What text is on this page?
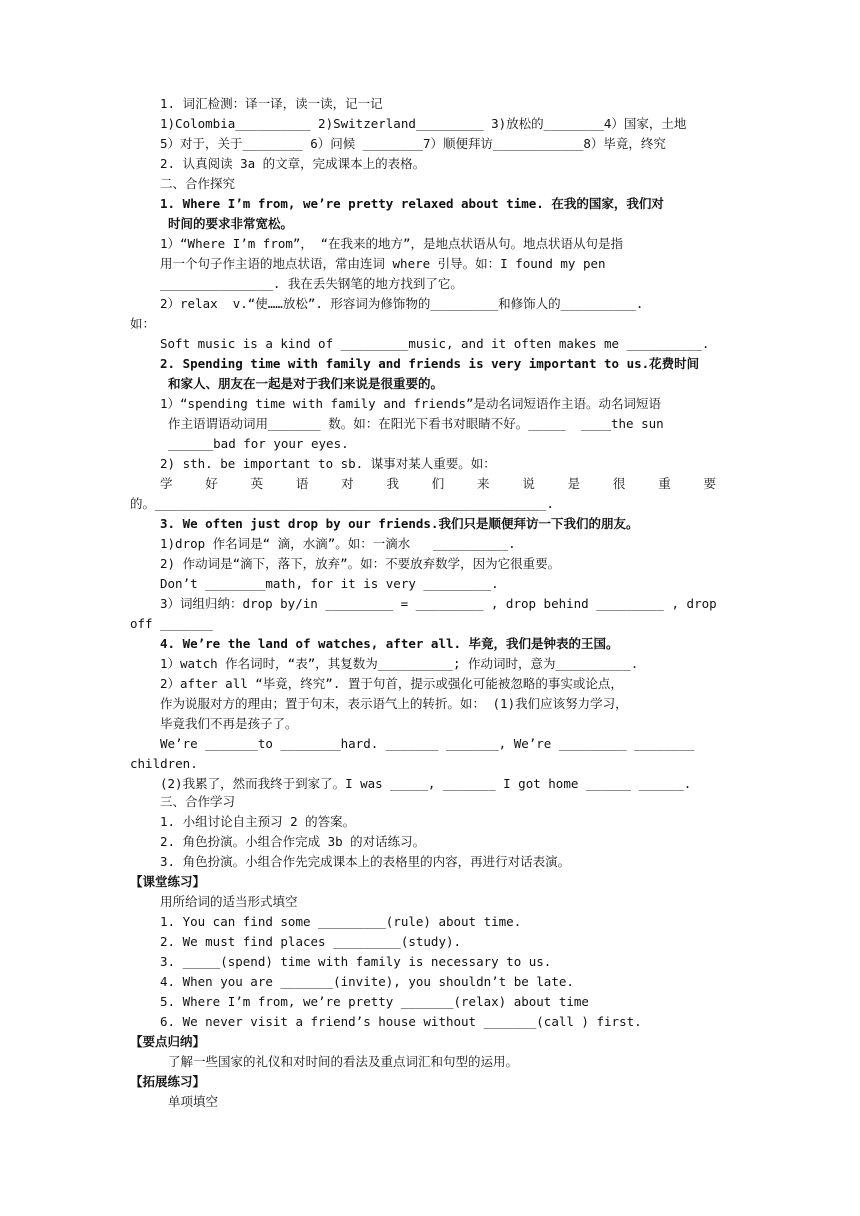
1. 词汇检测：译一译，读一读，记一记
1)Colombia__________ 2)Switzerland_________ 3)放松的________4）国家，土地
5）对于，关于________ 6）问候 ________7）顺便拜访____________8）毕竟，终究
2. 认真阅读 3a 的文章，完成课本上的表格。
二、合作探究
1. Where I’m from, we’re pretty relaxed about time. 在我的国家，我们对
时间的要求非常宽松。
1）“Where I’m from”， “在我来的地方”，是地点状语从句。地点状语从句是指
用一个句子作主语的地点状语，常由连词 where 引导。如：I found my pen
_______________. 我在丢失钢笔的地方找到了它。
2）relax  v.“使……放松”. 形容词为修饰物的_________和修饰人的__________.
如：
Soft music is a kind of _________music, and it often makes me __________.
2. Spending time with family and friends is very important to us.花费时间
和家人、朋友在一起是对于我们来说是很重要的。
1）“spending time with family and friends”是动名词短语作主语。动名词短语
作主语谓语动词用_______ 数。如：在阳光下看书对眼睛不好。_____  ____the sun
______bad for your eyes.
2) sth. be important to sb. 谋事对某人重要。如：
学　好　英　语　对　我　们　来　说　是　很　重　要
的。____________________________________________________.
3. We often just drop by our friends.我们只是顺便拜访一下我们的朋友。
1)drop 作名词是“ 滴，水滴”。如：一滴水   __________.
2) 作动词是“滴下，落下，放弃”。如：不要放弃数学，因为它很重要。
Don’t ________math, for it is very _________.
3）词组归纳：drop by/in _________ = _________ , drop behind _________ , drop
off _______
4. We’re the land of watches, after all. 毕竟，我们是钟表的王国。
1）watch 作名词时，“表”，其复数为__________; 作动词时，意为__________.
2）after all “毕竟，终究”. 置于句首，提示或强化可能被忽略的事实或论点，
作为说服对方的理由；置于句末，表示语气上的转折。如： (1)我们应该努力学习，
毕竟我们不再是孩子了。
We’re _______to ________hard. _______ _______, We’re _________ ________
children.
(2)我累了，然而我终于到家了。I was _____, _______ I got home ______ ______.
三、合作学习
1. 小组讨论自主预习 2 的答案。
2. 角色扮演。小组合作完成 3b 的对话练习。
3. 角色扮演。小组合作先完成课本上的表格里的内容，再进行对话表演。
【课堂练习】
用所给词的适当形式填空
1. You can find some _________(rule) about time.
2. We must find places _________(study).
3. _____(spend) time with family is necessary to us.
4. When you are _______(invite), you shouldn’t be late.
5. Where I’m from, we’re pretty _______(relax) about time
6. We never visit a friend’s house without _______(call ) first.
【要点归纳】
了解一些国家的礼仪和对时间的看法及重点词汇和句型的运用。
【拓展练习】
单项填空
